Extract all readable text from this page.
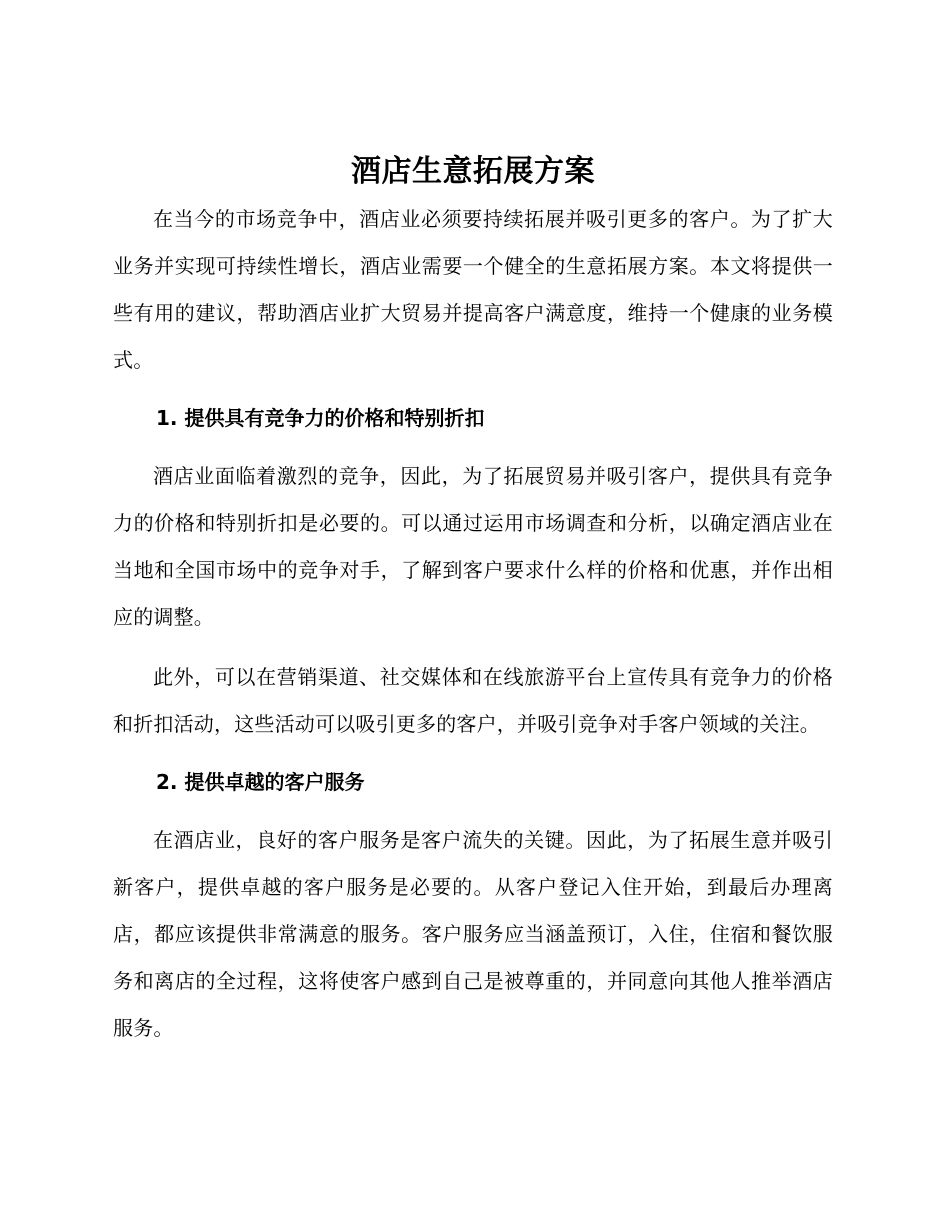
酒店生意拓展方案

在当今的市场竞争中，酒店业必须要持续拓展并吸引更多的客户。为了扩大业务并实现可持续性增长，酒店业需要一个健全的生意拓展方案。本文将提供一些有用的建议，帮助酒店业扩大贸易并提高客户满意度，维持一个健康的业务模式。

1. 提供具有竞争力的价格和特别折扣

酒店业面临着激烈的竞争，因此，为了拓展贸易并吸引客户，提供具有竞争力的价格和特别折扣是必要的。可以通过运用市场调查和分析，以确定酒店业在当地和全国市场中的竞争对手，了解到客户要求什么样的价格和优惠，并作出相应的调整。

此外，可以在营销渠道、社交媒体和在线旅游平台上宣传具有竞争力的价格和折扣活动，这些活动可以吸引更多的客户，并吸引竞争对手客户领域的关注。

2. 提供卓越的客户服务

在酒店业，良好的客户服务是客户流失的关键。因此，为了拓展生意并吸引新客户，提供卓越的客户服务是必要的。从客户登记入住开始，到最后办理离店，都应该提供非常满意的服务。客户服务应当涵盖预订，入住，住宿和餐饮服务和离店的全过程，这将使客户感到自己是被尊重的，并同意向其他人推举酒店服务。
